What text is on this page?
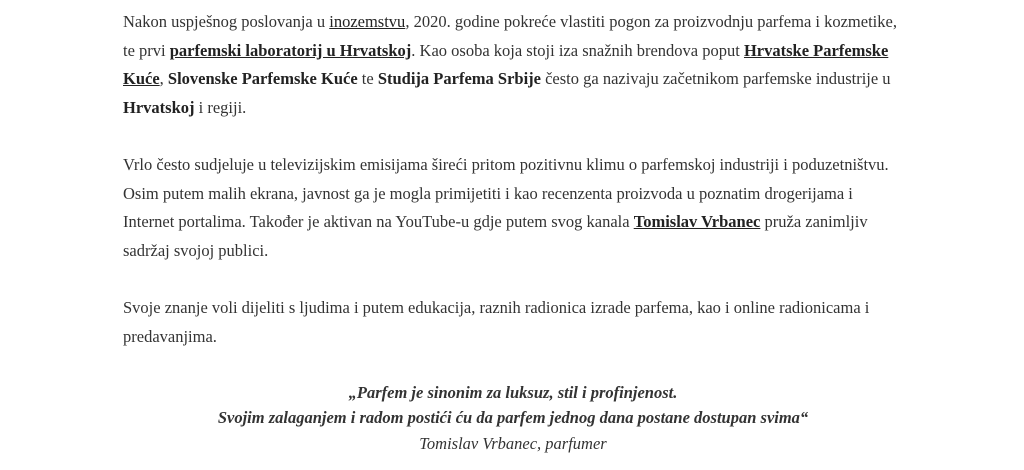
Nakon uspješnog poslovanja u inozemstvu, 2020. godine pokreće vlastiti pogon za proizvodnju parfema i kozmetike, te prvi parfemski laboratorij u Hrvatskoj. Kao osoba koja stoji iza snažnih brendova poput Hrvatske Parfemske Kuće, Slovenske Parfemske Kuće te Studija Parfema Srbije često ga nazivaju začetnikom parfemske industrije u Hrvatskoj i regiji.

Vrlo često sudjeluje u televizijskim emisijama šireći pritom pozitivnu klimu o parfemskoj industriji i poduzetništvu. Osim putem malih ekrana, javnost ga je mogla primijetiti i kao recenzenta proizvoda u poznatim drogerijama i Internet portalima. Također je aktivan na YouTube-u gdje putem svog kanala Tomislav Vrbanec pruža zanimljiv sadržaj svojoj publici.

Svoje znanje voli dijeliti s ljudima i putem edukacija, raznih radionica izrade parfema, kao i online radionicama i predavanjima.

„Parfem je sinonim za luksuz, stil i profinjenost.
Svojim zalaganjem i radom postići ću da parfem jednog dana postane dostupan svima“
Tomislav Vrbanec, parfumer
